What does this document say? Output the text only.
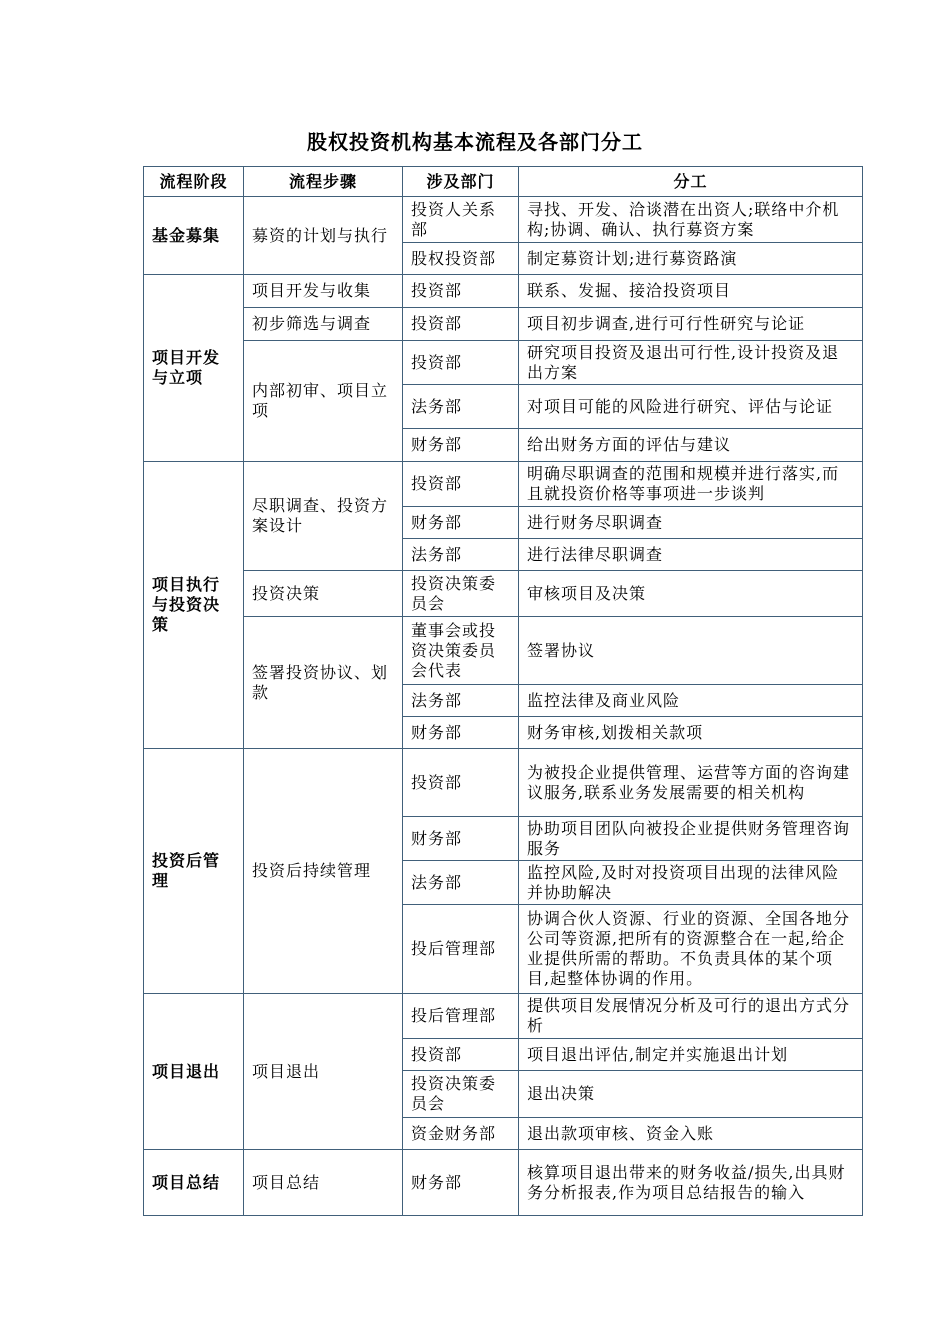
股权投资机构基本流程及各部门分工
流程阶段	流程步骤	涉及部门	分工
基金募集	募资的计划与执行	投资人关系部	寻找、开发、洽谈潜在出资人;联络中介机构;协调、确认、执行募资方案
		股权投资部	制定募资计划;进行募资路演
项目开发与立项	项目开发与收集	投资部	联系、发掘、接洽投资项目
	初步筛选与调查	投资部	项目初步调查,进行可行性研究与论证
	内部初审、项目立项	投资部	研究项目投资及退出可行性,设计投资及退出方案
		法务部	对项目可能的风险进行研究、评估与论证
		财务部	给出财务方面的评估与建议
项目执行与投资决策	尽职调查、投资方案设计	投资部	明确尽职调查的范围和规模并进行落实,而且就投资价格等事项进一步谈判
		财务部	进行财务尽职调查
		法务部	进行法律尽职调查
	投资决策	投资决策委员会	审核项目及决策
	签署投资协议、划款	董事会或投资决策委员会代表	签署协议
		法务部	监控法律及商业风险
		财务部	财务审核,划拨相关款项
投资后管理	投资后持续管理	投资部	为被投企业提供管理、运营等方面的咨询建议服务,联系业务发展需要的相关机构
		财务部	协助项目团队向被投企业提供财务管理咨询服务
		法务部	监控风险,及时对投资项目出现的法律风险并协助解决
		投后管理部	协调合伙人资源、行业的资源、全国各地分公司等资源,把所有的资源整合在一起,给企业提供所需的帮助。不负责具体的某个项目,起整体协调的作用。
项目退出	项目退出	投后管理部	提供项目发展情况分析及可行的退出方式分析
		投资部	项目退出评估,制定并实施退出计划
		投资决策委员会	退出决策
		资金财务部	退出款项审核、资金入账
项目总结	项目总结	财务部	核算项目退出带来的财务收益/损失,出具财务分析报表,作为项目总结报告的输入
